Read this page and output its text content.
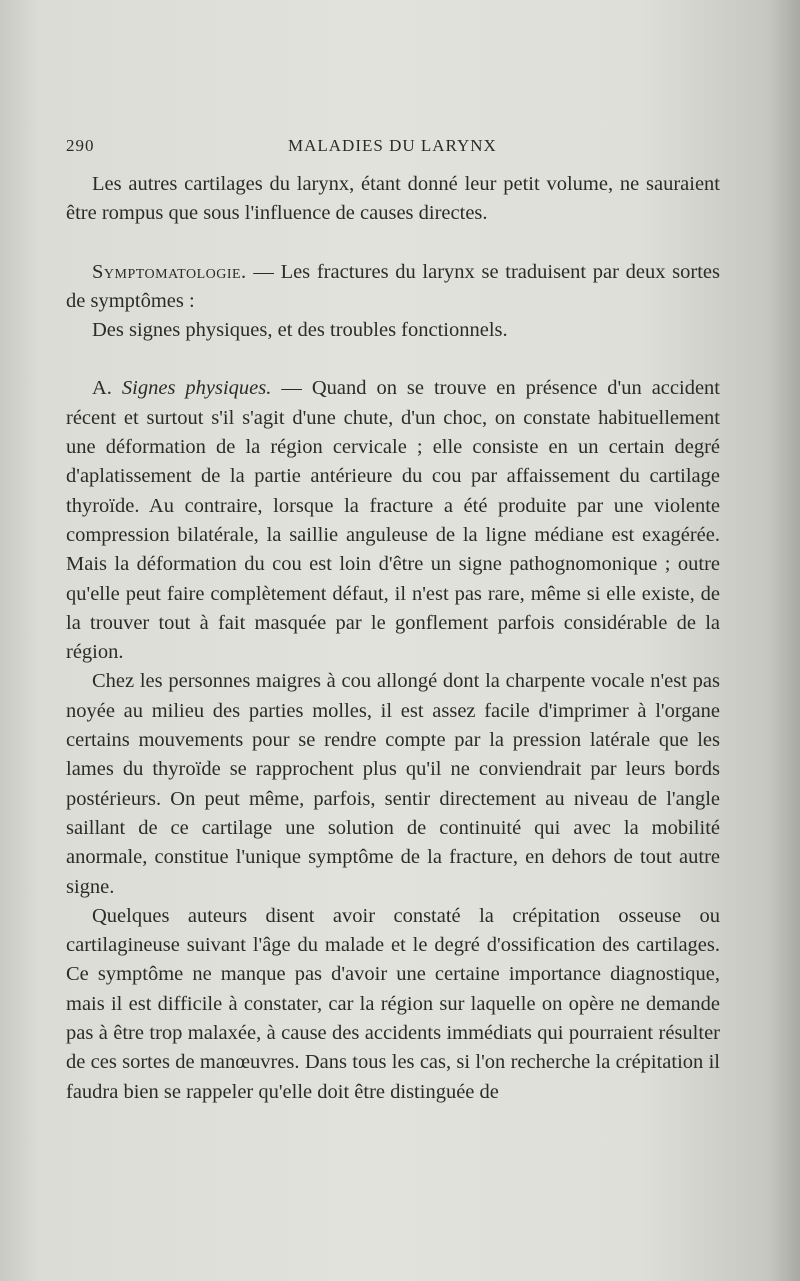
290	MALADIES DU LARYNX

Les autres cartilages du larynx, étant donné leur petit volume, ne sauraient être rompus que sous l'influence de causes directes.

Symptomatologie. — Les fractures du larynx se traduisent par deux sortes de symptômes :

Des signes physiques, et des troubles fonctionnels.

A. Signes physiques. — Quand on se trouve en présence d'un accident récent et surtout s'il s'agit d'une chute, d'un choc, on constate habituellement une déformation de la région cervicale ; elle consiste en un certain degré d'aplatissement de la partie antérieure du cou par affaissement du cartilage thyroïde. Au contraire, lorsque la fracture a été produite par une violente compression bilatérale, la saillie anguleuse de la ligne médiane est exagérée. Mais la déformation du cou est loin d'être un signe pathognomonique ; outre qu'elle peut faire complètement défaut, il n'est pas rare, même si elle existe, de la trouver tout à fait masquée par le gonflement parfois considérable de la région.

Chez les personnes maigres à cou allongé dont la charpente vocale n'est pas noyée au milieu des parties molles, il est assez facile d'imprimer à l'organe certains mouvements pour se rendre compte par la pression latérale que les lames du thyroïde se rapprochent plus qu'il ne conviendrait par leurs bords postérieurs. On peut même, parfois, sentir directement au niveau de l'angle saillant de ce cartilage une solution de continuité qui avec la mobilité anormale, constitue l'unique symptôme de la fracture, en dehors de tout autre signe.

Quelques auteurs disent avoir constaté la crépitation osseuse ou cartilagineuse suivant l'âge du malade et le degré d'ossification des cartilages. Ce symptôme ne manque pas d'avoir une certaine importance diagnostique, mais il est difficile à constater, car la région sur laquelle on opère ne demande pas à être trop malaxée, à cause des accidents immédiats qui pourraient résulter de ces sortes de manœuvres. Dans tous les cas, si l'on recherche la crépitation il faudra bien se rappeler qu'elle doit être distinguée de
